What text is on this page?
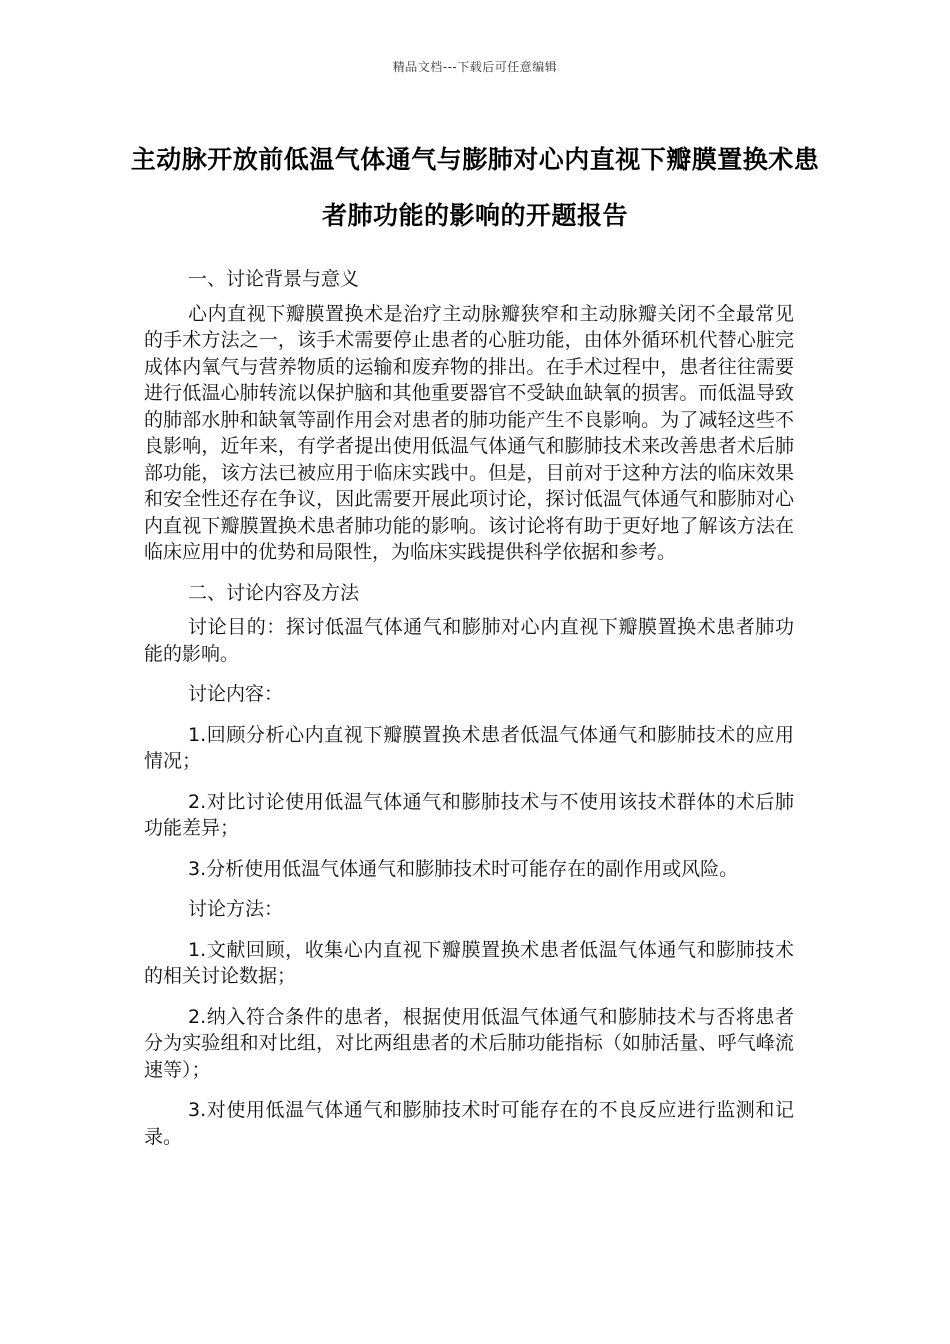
精品文档---下载后可任意编辑
主动脉开放前低温气体通气与膨肺对心内直视下瓣膜置换术患者肺功能的影响的开题报告

一、讨论背景与意义

心内直视下瓣膜置换术是治疗主动脉瓣狭窄和主动脉瓣关闭不全最常见的手术方法之一，该手术需要停止患者的心脏功能，由体外循环机代替心脏完成体内氧气与营养物质的运输和废弃物的排出。在手术过程中，患者往往需要进行低温心肺转流以保护脑和其他重要器官不受缺血缺氧的损害。而低温导致的肺部水肿和缺氧等副作用会对患者的肺功能产生不良影响。为了减轻这些不良影响，近年来，有学者提出使用低温气体通气和膨肺技术来改善患者术后肺部功能，该方法已被应用于临床实践中。但是，目前对于这种方法的临床效果和安全性还存在争议，因此需要开展此项讨论，探讨低温气体通气和膨肺对心内直视下瓣膜置换术患者肺功能的影响。该讨论将有助于更好地了解该方法在临床应用中的优势和局限性，为临床实践提供科学依据和参考。

二、讨论内容及方法

讨论目的：探讨低温气体通气和膨肺对心内直视下瓣膜置换术患者肺功能的影响。

讨论内容：

1.回顾分析心内直视下瓣膜置换术患者低温气体通气和膨肺技术的应用情况；

2.对比讨论使用低温气体通气和膨肺技术与不使用该技术群体的术后肺功能差异；

3.分析使用低温气体通气和膨肺技术时可能存在的副作用或风险。

讨论方法：

1.文献回顾，收集心内直视下瓣膜置换术患者低温气体通气和膨肺技术的相关讨论数据；

2.纳入符合条件的患者，根据使用低温气体通气和膨肺技术与否将患者分为实验组和对比组，对比两组患者的术后肺功能指标（如肺活量、呼气峰流速等）；

3.对使用低温气体通气和膨肺技术时可能存在的不良反应进行监测和记录。
